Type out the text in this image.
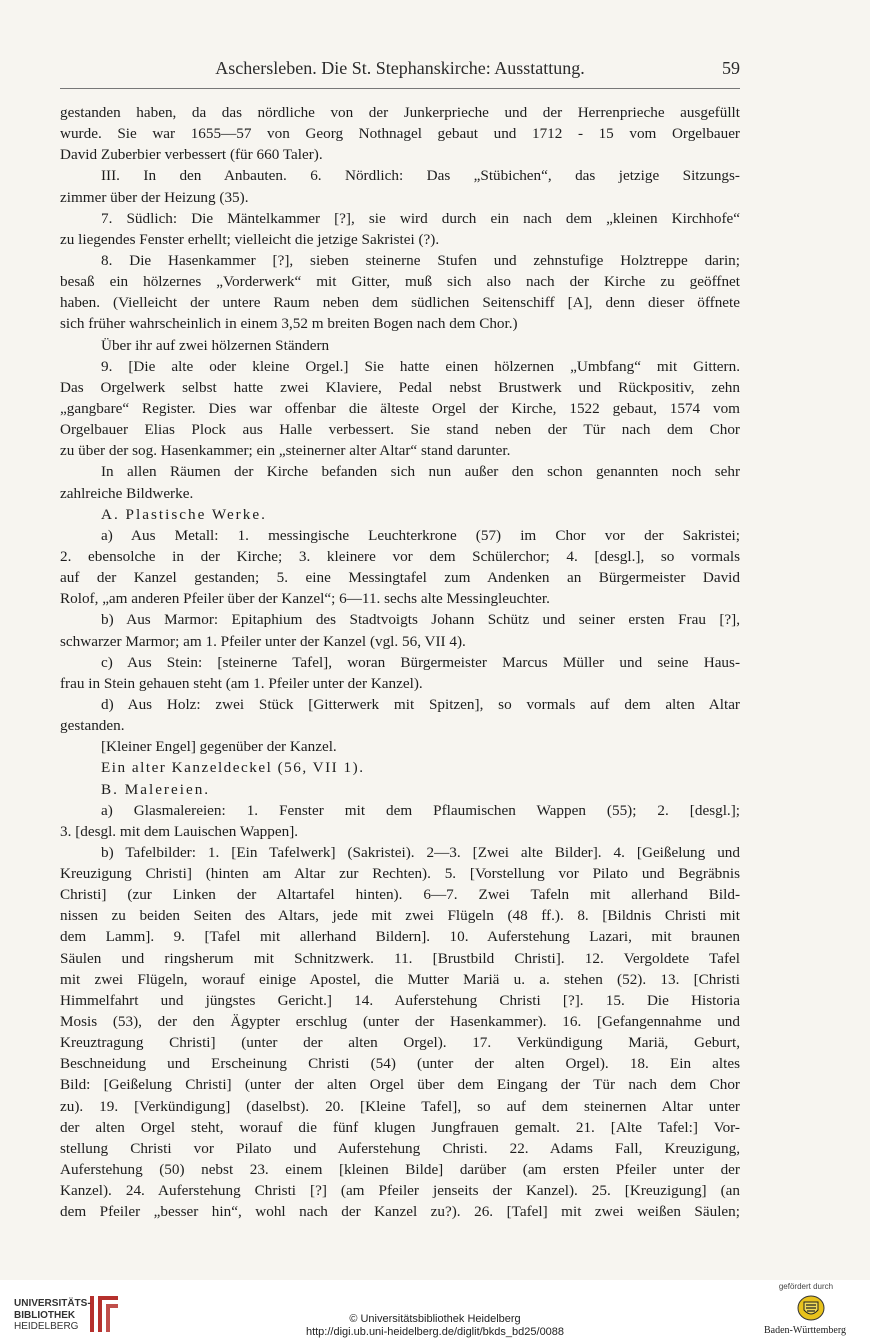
Aschersleben. Die St. Stephanskirche: Ausstattung.	59
gestanden haben, da das nördliche von der Junkerprieche und der Herrenprieche ausgefüllt
wurde. Sie war 1655—57 von Georg Nothnagel gebaut und 1712 - 15 vom Orgelbauer
David Zuberbier verbessert (für 660 Taler).
III. In den Anbauten. 6. Nördlich: Das „Stübichen“, das jetzige Sitzungs-
zimmer über der Heizung (35).
7. Südlich: Die Mäntelkammer [?], sie wird durch ein nach dem „kleinen Kirchhofe“
zu liegendes Fenster erhellt; vielleicht die jetzige Sakristei (?).
8. Die Hasenkammer [?], sieben steinerne Stufen und zehnstufige Holztreppe darin;
besaß ein hölzernes „Vorderwerk“ mit Gitter, muß sich also nach der Kirche zu geöffnet
haben. (Vielleicht der untere Raum neben dem südlichen Seitenschiff [A], denn dieser öffnete
sich früher wahrscheinlich in einem 3,52 m breiten Bogen nach dem Chor.)
Über ihr auf zwei hölzernen Ständern
9. [Die alte oder kleine Orgel.] Sie hatte einen hölzernen „Umbfang“ mit Gittern.
Das Orgelwerk selbst hatte zwei Klaviere, Pedal nebst Brustwerk und Rückpositiv, zehn
„gangbare“ Register. Dies war offenbar die älteste Orgel der Kirche, 1522 gebaut, 1574 vom
Orgelbauer Elias Plock aus Halle verbessert. Sie stand neben der Tür nach dem Chor
zu über der sog. Hasenkammer; ein „steinerner alter Altar“ stand darunter.
In allen Räumen der Kirche befanden sich nun außer den schon genannten noch sehr
zahlreiche Bildwerke.
A. Plastische Werke.
a) Aus Metall: 1. messingische Leuchterkrone (57) im Chor vor der Sakristei;
2. ebensolche in der Kirche; 3. kleinere vor dem Schülerchor; 4. [desgl.], so vormals
auf der Kanzel gestanden; 5. eine Messingtafel zum Andenken an Bürgermeister David
Rolof, „am anderen Pfeiler über der Kanzel“; 6—11. sechs alte Messingleuchter.
b) Aus Marmor: Epitaphium des Stadtvoigts Johann Schütz und seiner ersten Frau [?],
schwarzer Marmor; am 1. Pfeiler unter der Kanzel (vgl. 56, VII 4).
c) Aus Stein: [steinerne Tafel], woran Bürgermeister Marcus Müller und seine Haus-
frau in Stein gehauen steht (am 1. Pfeiler unter der Kanzel).
d) Aus Holz: zwei Stück [Gitterwerk mit Spitzen], so vormals auf dem alten Altar
gestanden.
[Kleiner Engel] gegenüber der Kanzel.
Ein alter Kanzeldeckel (56, VII 1).
B. Malereien.
a) Glasmalereien: 1. Fenster mit dem Pflaumischen Wappen (55); 2. [desgl.];
3. [desgl. mit dem Lauischen Wappen].
b) Tafelbilder: 1. [Ein Tafelwerk] (Sakristei). 2—3. [Zwei alte Bilder]. 4. [Geißelung und
Kreuzigung Christi] (hinten am Altar zur Rechten). 5. [Vorstellung vor Pilato und Begräbnis
Christi] (zur Linken der Altartafel hinten). 6—7. Zwei Tafeln mit allerhand Bild-
nissen zu beiden Seiten des Altars, jede mit zwei Flügeln (48 ff.). 8. [Bildnis Christi mit
dem Lamm]. 9. [Tafel mit allerhand Bildern]. 10. Auferstehung Lazari, mit braunen
Säulen und ringsherum mit Schnitzwerk. 11. [Brustbild Christi]. 12. Vergoldete Tafel
mit zwei Flügeln, worauf einige Apostel, die Mutter Mariä u. a. stehen (52). 13. [Christi
Himmelfahrt und jüngstes Gericht.] 14. Auferstehung Christi [?]. 15. Die Historia
Mosis (53), der den Ägypter erschlug (unter der Hasenkammer). 16. [Gefangennahme und
Kreuztragung Christi] (unter der alten Orgel). 17. Verkündigung Mariä, Geburt,
Beschneidung und Erscheinung Christi (54) (unter der alten Orgel). 18. Ein altes
Bild: [Geißelung Christi] (unter der alten Orgel über dem Eingang der Tür nach dem Chor
zu). 19. [Verkündigung] (daselbst). 20. [Kleine Tafel], so auf dem steinernen Altar unter
der alten Orgel steht, worauf die fünf klugen Jungfrauen gemalt. 21. [Alte Tafel:] Vor-
stellung Christi vor Pilato und Auferstehung Christi. 22. Adams Fall, Kreuzigung,
Auferstehung (50) nebst 23. einem [kleinen Bilde] darüber (am ersten Pfeiler unter der
Kanzel). 24. Auferstehung Christi [?] (am Pfeiler jenseits der Kanzel). 25. [Kreuzigung] (an
dem Pfeiler „besser hin“, wohl nach der Kanzel zu?). 26. [Tafel] mit zwei weißen Säulen;
UNIVERSITÄTS-
BIBLIOTHEK
HEIDELBERG
© Universitätsbibliothek Heidelberg
http://digi.ub.uni-heidelberg.de/diglit/bkds_bd25/0088
gefördert durch
Baden-Württemberg
